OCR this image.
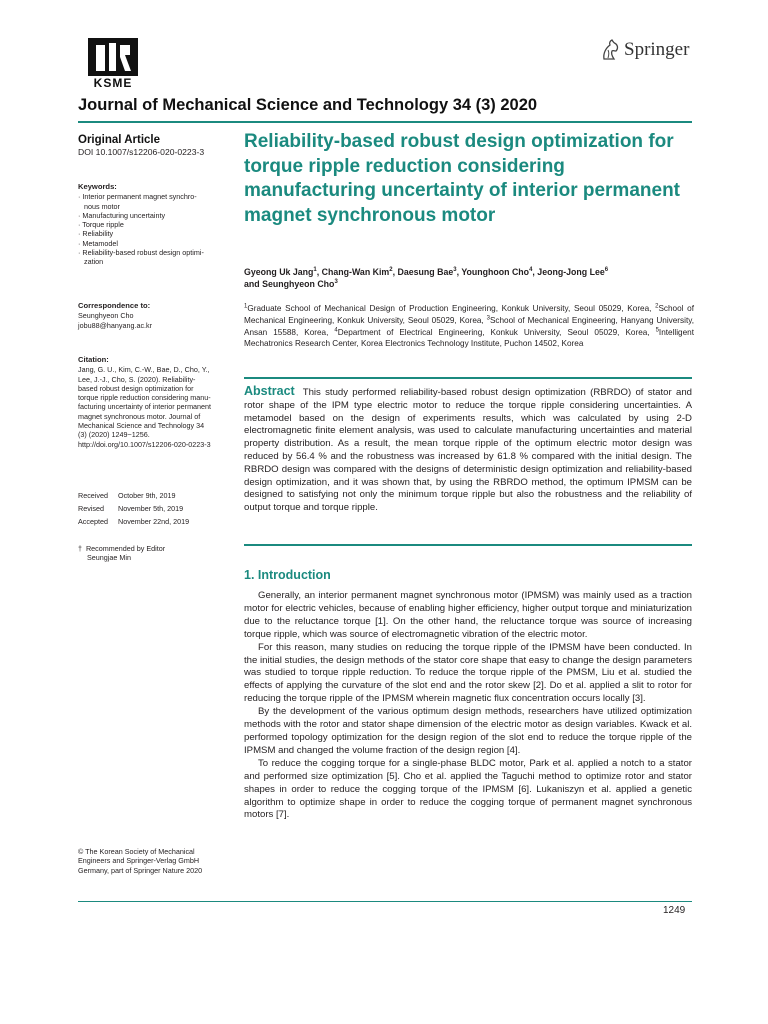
KSME
Springer
Journal of Mechanical Science and Technology 34 (3) 2020
Original Article
DOI 10.1007/s12206-020-0223-3
Keywords:
· Interior permanent magnet synchro-
nous motor
· Manufacturing uncertainty
· Torque ripple
· Reliability
· Metamodel
· Reliability-based robust design optimi-
zation
Correspondence to:
Seunghyeon Cho
jobu88@hanyang.ac.kr
Citation:
Jang, G. U., Kim, C.-W., Bae, D., Cho, Y.,
Lee, J.-J., Cho, S. (2020). Reliability-
based robust design optimization for
torque ripple reduction considering manu-
facturing uncertainty of interior permanent
magnet synchronous motor. Journal of
Mechanical Science and Technology 34
(3) (2020) 1249~1256.
http://doi.org/10.1007/s12206-020-0223-3
Received	October 9th, 2019
Revised	November 5th, 2019
Accepted	November 22nd, 2019
†  Recommended by Editor
Seungjae Min
Reliability-based robust design optimization for torque ripple reduction considering manufacturing uncertainty of interior permanent magnet synchronous motor
Gyeong Uk Jang$^1$, Chang-Wan Kim$^2$, Daesung Bae$^3$, Younghoon Cho$^4$, Jeong-Jong Lee$^6$
and Seunghyeon Cho$^3$
$^1$Graduate School of Mechanical Design of Production Engineering, Konkuk University, Seoul 05029, Korea, $^2$School of Mechanical Engineering, Konkuk University, Seoul 05029, Korea, $^3$School of Mechanical Engineering, Hanyang University, Ansan 15588, Korea, $^4$Department of Electrical Engineering, Konkuk University, Seoul 05029, Korea, $^5$Intelligent Mechatronics Research Center, Korea Electronics Technology Institute, Puchon 14502, Korea
Abstract This study performed reliability-based robust design optimization (RBRDO) of stator and rotor shape of the IPM type electric motor to reduce the torque ripple considering uncertainties. A metamodel based on the design of experiments results, which was calculated by using 2-D electromagnetic finite element analysis, was used to calculate manufacturing uncertainties and material property distribution. As a result, the mean torque ripple of the optimum electric motor design was reduced by 56.4 % and the robustness was increased by 61.8 % compared with the initial design. The RBRDO design was compared with the designs of deterministic design optimization and reliability-based design optimization, and it was shown that, by using the RBRDO method, the optimum IPMSM can be designed to satisfying not only the minimum torque ripple but also the robustness and the reliability of output torque and torque ripple.
1. Introduction

Generally, an interior permanent magnet synchronous motor (IPMSM) was mainly used as a traction motor for electric vehicles, because of enabling higher efficiency, higher output torque and miniaturization due to the reluctance torque [1]. On the other hand, the reluctance torque was source of increasing torque ripple, which was source of electromagnetic vibration of the electric motor.

For this reason, many studies on reducing the torque ripple of the IPMSM have been conducted. In the initial studies, the design methods of the stator core shape that easy to change the design parameters was studied to torque ripple reduction. To reduce the torque ripple of the PMSM, Liu et al. studied the effects of applying the curvature of the slot end and the rotor skew [2]. Do et al. applied a slit to rotor for reducing the torque ripple of the IPMSM wherein magnetic flux concentration occurs locally [3].

By the development of the various optimum design methods, researchers have utilized optimization methods with the rotor and stator shape dimension of the electric motor as design variables. Kwack et al. performed topology optimization for the design region of the slot end to reduce the torque ripple of the IPMSM and changed the volume fraction of the design region [4].

To reduce the cogging torque for a single-phase BLDC motor, Park et al. applied a notch to a stator and performed size optimization [5]. Cho et al. applied the Taguchi method to optimize rotor and stator shapes in order to reduce the cogging torque of the IPMSM [6]. Lukaniszyn et al. applied a genetic algorithm to optimize shape in order to reduce the cogging torque of permanent magnet synchronous motors [7].

© The Korean Society of Mechanical
Engineers and Springer-Verlag GmbH
Germany, part of Springer Nature 2020
1249
